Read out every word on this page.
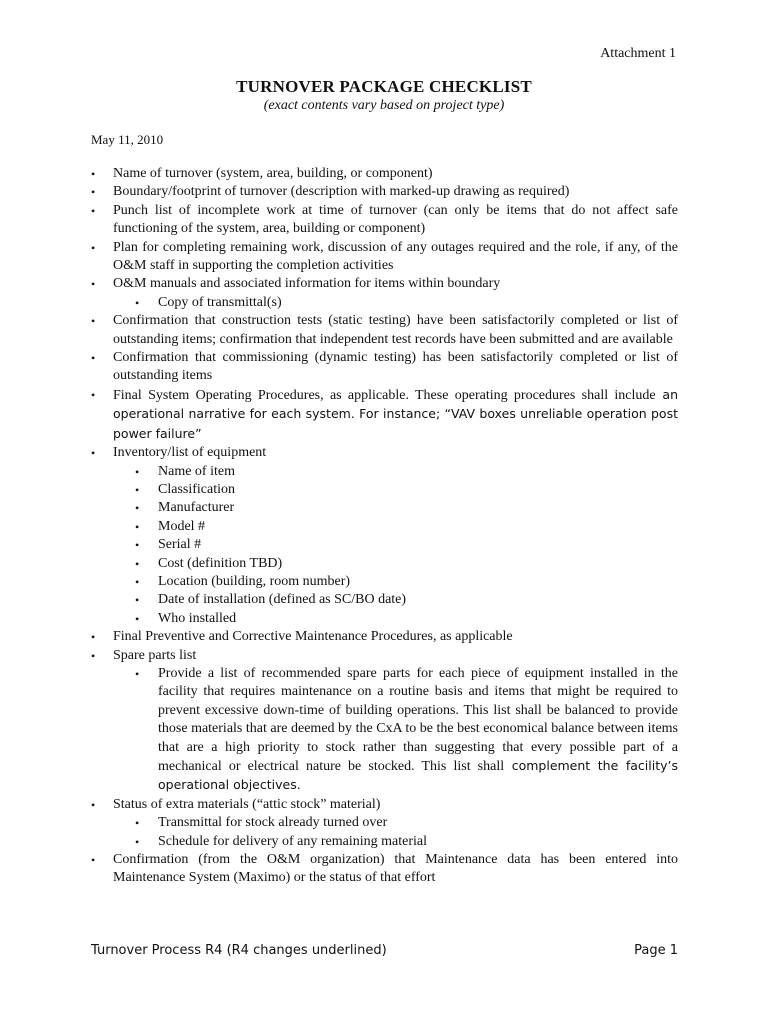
Attachment 1
TURNOVER PACKAGE CHECKLIST
(exact contents vary based on project type)
May 11, 2010
• Name of turnover (system, area, building, or component)
• Boundary/footprint of turnover (description with marked-up drawing as required)
• Punch list of incomplete work at time of turnover (can only be items that do not affect safe functioning of the system, area, building or component)
• Plan for completing remaining work, discussion of any outages required and the role, if any, of the O&M staff in supporting the completion activities
• O&M manuals and associated information for items within boundary
• Copy of transmittal(s)
• Confirmation that construction tests (static testing) have been satisfactorily completed or list of outstanding items; confirmation that independent test records have been submitted and are available
• Confirmation that commissioning (dynamic testing) has been satisfactorily completed or list of outstanding items
• Final System Operating Procedures, as applicable. These operating procedures shall include an operational narrative for each system. For instance; “VAV boxes unreliable operation post power failure”
• Inventory/list of equipment
• Name of item
• Classification
• Manufacturer
• Model #
• Serial #
• Cost (definition TBD)
• Location (building, room number)
• Date of installation (defined as SC/BO date)
• Who installed
• Final Preventive and Corrective Maintenance Procedures, as applicable
• Spare parts list
• Provide a list of recommended spare parts for each piece of equipment installed in the facility that requires maintenance on a routine basis and items that might be required to prevent excessive down-time of building operations. This list shall be balanced to provide those materials that are deemed by the CxA to be the best economical balance between items that are a high priority to stock rather than suggesting that every possible part of a mechanical or electrical nature be stocked. This list shall complement the facility’s operational objectives.
• Status of extra materials (“attic stock” material)
• Transmittal for stock already turned over
• Schedule for delivery of any remaining material
• Confirmation (from the O&M organization) that Maintenance data has been entered into Maintenance System (Maximo) or the status of that effort
Turnover Process R4 (R4 changes underlined)	Page 1
